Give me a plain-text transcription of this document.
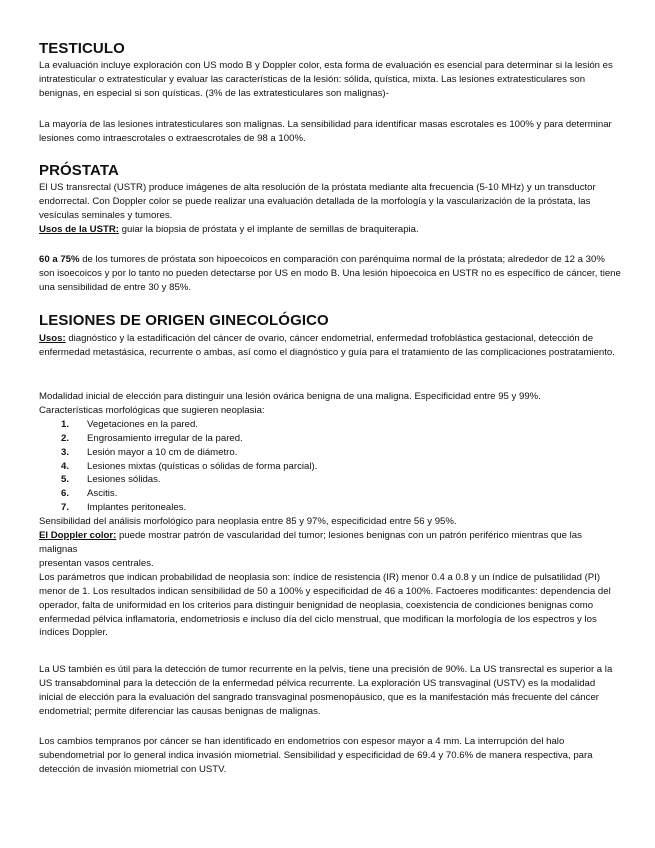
TESTICULO

La evaluación incluye exploración con US modo B y Doppler color, esta forma de evaluación es esencial para determinar si la lesión es intratesticular o extratesticular y evaluar las características de la lesión: sólida, quística, mixta. Las lesiones extratesticulares son benignas, en especial si son quísticas. (3% de las extratesticulares son malignas)-

La mayoría de las lesiones intratesticulares son malignas. La sensibilidad para identificar masas escrotales es 100% y para determinar lesiones como intraescrotales o extraescrotales de 98 a 100%.

PRÓSTATA

El US transrectal (USTR) produce imágenes de alta resolución de la próstata mediante alta frecuencia (5-10 MHz) y un transductor endorrectal. Con Doppler color se puede realizar una evaluación detallada de la morfología y la vascularización de la próstata, las vesículas seminales y tumores.

Usos de la USTR: guiar la biopsia de próstata y el implante de semillas de braquiterapia.

60 a 75% de los tumores de próstata son hipoecoicos en comparación con parénquima normal de la próstata; alrededor de 12 a 30% son isoecoicos y por lo tanto no pueden detectarse por US en modo B. Una lesión hipoecoica en USTR no es específico de cáncer, tiene una sensibilidad de entre 30 y 85%.

LESIONES DE ORIGEN GINECOLÓGICO

Usos: diagnóstico y la estadificación del cáncer de ovario, cáncer endometrial, enfermedad trofoblástica gestacional, detección de enfermedad metastásica, recurrente o ambas, así como el diagnóstico y guía para el tratamiento de las complicaciones postratamiento.

Modalidad inicial de elección para distinguir una lesión ovárica benigna de una maligna. Especificidad entre 95 y 99%.

Características morfológicas que sugieren neoplasia:

1. Vegetaciones en la pared.
2. Engrosamiento irregular de la pared.
3. Lesión mayor a 10 cm de diámetro.
4. Lesiones mixtas (quísticas o sólidas de forma parcial).
5. Lesiones sólidas.
6. Ascitis.
7. Implantes peritoneales.

Sensibilidad del análisis morfológico para neoplasia entre 85 y 97%, especificidad entre 56 y 95%.

El Doppler color: puede mostrar patrón de vascularidad del tumor; lesiones benignas con un patrón periférico mientras que las malignas

presentan vasos centrales.

Los parámetros que indican probabilidad de neoplasia son: índice de resistencia (IR) menor 0.4 a 0.8 y un índice de pulsatilidad (PI) menor de 1. Los resultados indican sensibilidad de 50 a 100% y especificidad de 46 a 100%. Factoeres modificantes: dependencia del operador, falta de uniformidad en los criterios para distinguir benignidad de neoplasia, coexistencia de condiciones benignas como enfermedad pélvica inflamatoria, endometriosis e incluso día del ciclo menstrual, que modifican la morfología de los espectros y los índices Doppler.

La US también es útil para la detección de tumor recurrente en la pelvis, tiene una precisión de 90%. La US transrectal es superior a la US transabdominal para la detección de la enfermedad pélvica recurrente. La exploración US transvaginal (USTV) es la modalidad inicial de elección para la evaluación del sangrado transvaginal posmenopáusico, que es la manifestación más frecuente del cáncer endometrial; permite diferenciar las causas benignas de malignas.

Los cambios tempranos por cáncer se han identificado en endometrios con espesor mayor a 4 mm. La interrupción del halo subendometrial por lo general indica invasión miometrial. Sensibilidad y especificidad de 69.4 y 70.6% de manera respectiva, para detección de invasión miometrial con USTV.
